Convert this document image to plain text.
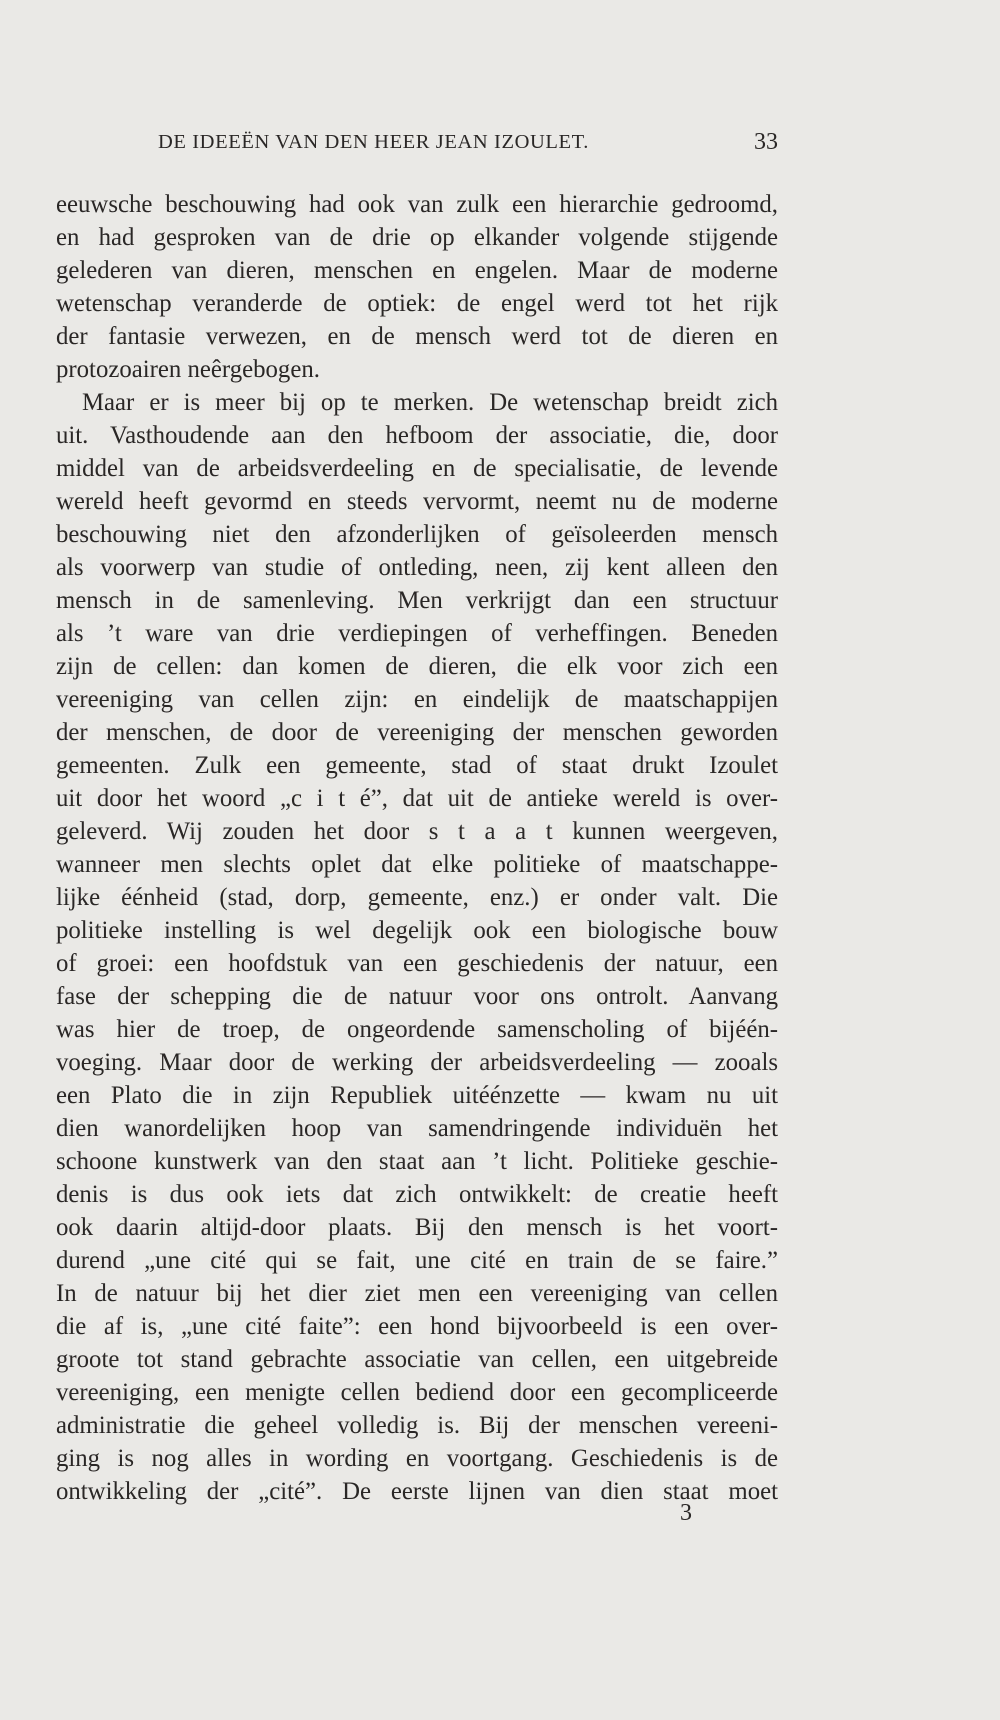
DE IDEEËN VAN DEN HEER JEAN IZOULET.	33
eeuwsche beschouwing had ook van zulk een hierarchie gedroomd,
en had gesproken van de drie op elkander volgende stijgende
gelederen van dieren, menschen en engelen. Maar de moderne
wetenschap veranderde de optiek: de engel werd tot het rijk
der fantasie verwezen, en de mensch werd tot de dieren en
protozoairen neêrgebogen.
Maar er is meer bij op te merken. De wetenschap breidt zich
uit. Vasthoudende aan den hefboom der associatie, die, door
middel van de arbeidsverdeeling en de specialisatie, de levende
wereld heeft gevormd en steeds vervormt, neemt nu de moderne
beschouwing niet den afzonderlijken of geïsoleerden mensch
als voorwerp van studie of ontleding, neen, zij kent alleen den
mensch in de samenleving. Men verkrijgt dan een structuur
als ’t ware van drie verdiepingen of verheffingen. Beneden
zijn de cellen: dan komen de dieren, die elk voor zich een
vereeniging van cellen zijn: en eindelijk de maatschappijen
der menschen, de door de vereeniging der menschen geworden
gemeenten. Zulk een gemeente, stad of staat drukt Izoulet
uit door het woord „c i t é”, dat uit de antieke wereld is over-
geleverd. Wij zouden het door s t a a t kunnen weergeven,
wanneer men slechts oplet dat elke politieke of maatschappe-
lijke éénheid (stad, dorp, gemeente, enz.) er onder valt. Die
politieke instelling is wel degelijk ook een biologische bouw
of groei: een hoofdstuk van een geschiedenis der natuur, een
fase der schepping die de natuur voor ons ontrolt. Aanvang
was hier de troep, de ongeordende samenscholing of bijéén-
voeging. Maar door de werking der arbeidsverdeeling — zooals
een Plato die in zijn Republiek uitéénzette — kwam nu uit
dien wanordelijken hoop van samendringende individuën het
schoone kunstwerk van den staat aan ’t licht. Politieke geschie-
denis is dus ook iets dat zich ontwikkelt: de creatie heeft
ook daarin altijd-door plaats. Bij den mensch is het voort-
durend „une cité qui se fait, une cité en train de se faire.”
In de natuur bij het dier ziet men een vereeniging van cellen
die af is, „une cité faite”: een hond bijvoorbeeld is een over-
groote tot stand gebrachte associatie van cellen, een uitgebreide
vereeniging, een menigte cellen bediend door een gecompliceerde
administratie die geheel volledig is. Bij der menschen vereeni-
ging is nog alles in wording en voortgang. Geschiedenis is de
ontwikkeling der „cité”. De eerste lijnen van dien staat moet
3
